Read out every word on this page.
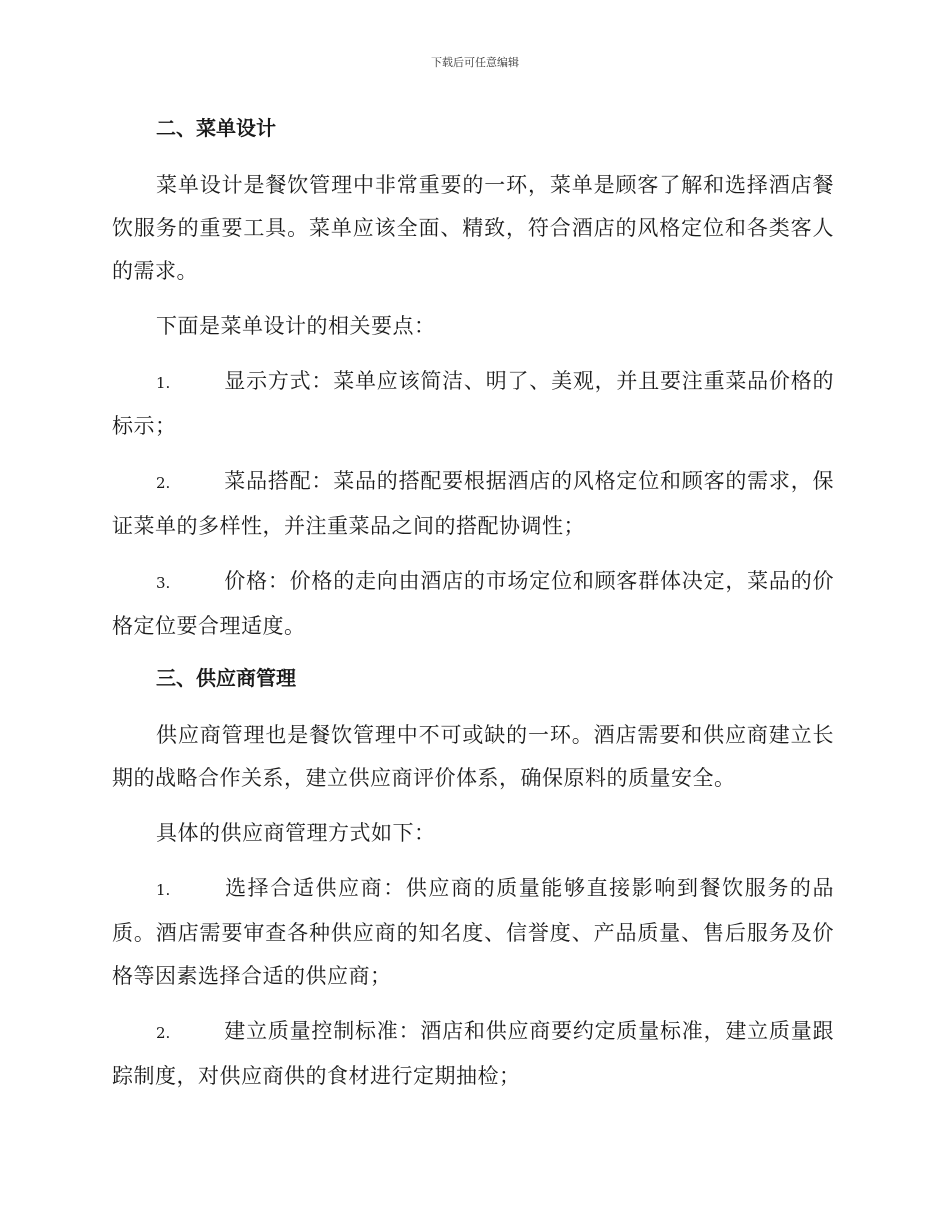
下载后可任意编辑
二、菜单设计

菜单设计是餐饮管理中非常重要的一环，菜单是顾客了解和选择酒店餐饮服务的重要工具。菜单应该全面、精致，符合酒店的风格定位和各类客人的需求。

下面是菜单设计的相关要点：

1.	显示方式：菜单应该简洁、明了、美观，并且要注重菜品价格的标示；

2.	菜品搭配：菜品的搭配要根据酒店的风格定位和顾客的需求，保证菜单的多样性，并注重菜品之间的搭配协调性；

3.	价格：价格的走向由酒店的市场定位和顾客群体决定，菜品的价格定位要合理适度。

三、供应商管理

供应商管理也是餐饮管理中不可或缺的一环。酒店需要和供应商建立长期的战略合作关系，建立供应商评价体系，确保原料的质量安全。

具体的供应商管理方式如下：

1.	选择合适供应商：供应商的质量能够直接影响到餐饮服务的品质。酒店需要审查各种供应商的知名度、信誉度、产品质量、售后服务及价格等因素选择合适的供应商；

2.	建立质量控制标准：酒店和供应商要约定质量标准，建立质量跟踪制度，对供应商供的食材进行定期抽检；
